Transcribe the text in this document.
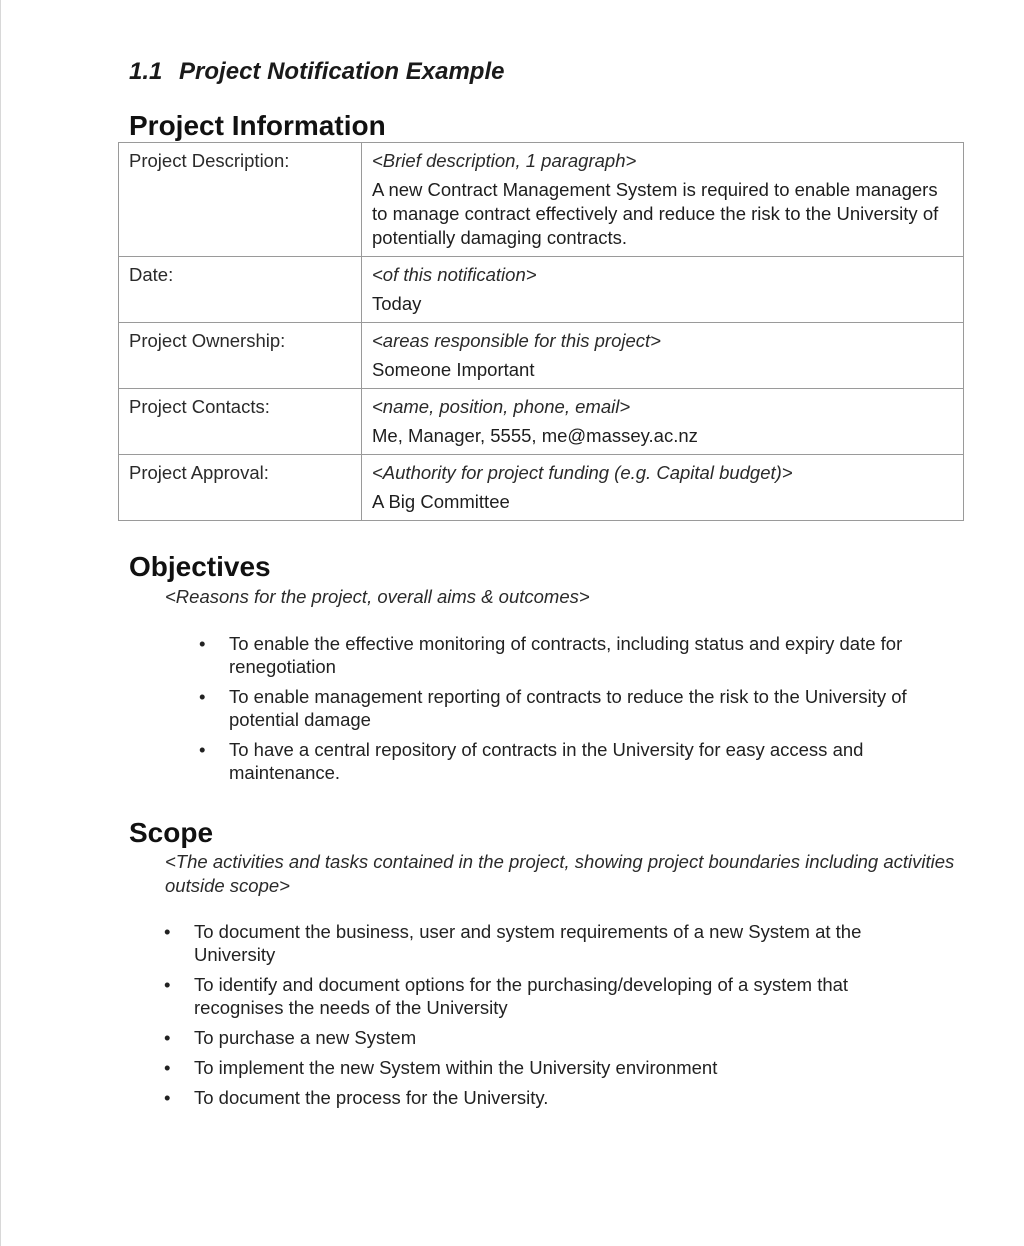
1.1 Project Notification Example
Project Information
Project Description:	<Brief description, 1 paragraph>
A new Contract Management System is required to enable managers to manage contract effectively and reduce the risk to the University of potentially damaging contracts.

Date:	<of this notification>
Today

Project Ownership:	<areas responsible for this project>
Someone Important

Project Contacts:	<name, position, phone, email>
Me, Manager, 5555, me@massey.ac.nz

Project Approval:	<Authority for project funding (e.g. Capital budget)>
A Big Committee
Objectives
<Reasons for the project, overall aims & outcomes>
• To enable the effective monitoring of contracts, including status and expiry date for renegotiation
• To enable management reporting of contracts to reduce the risk to the University of potential damage
• To have a central repository of contracts in the University for easy access and maintenance.
Scope
<The activities and tasks contained in the project, showing project boundaries including activities outside scope>
• To document the business, user and system requirements of a new System at the University
• To identify and document options for the purchasing/developing of a system that recognises the needs of the University
• To purchase a new System
• To implement the new System within the University environment
• To document the process for the University.
